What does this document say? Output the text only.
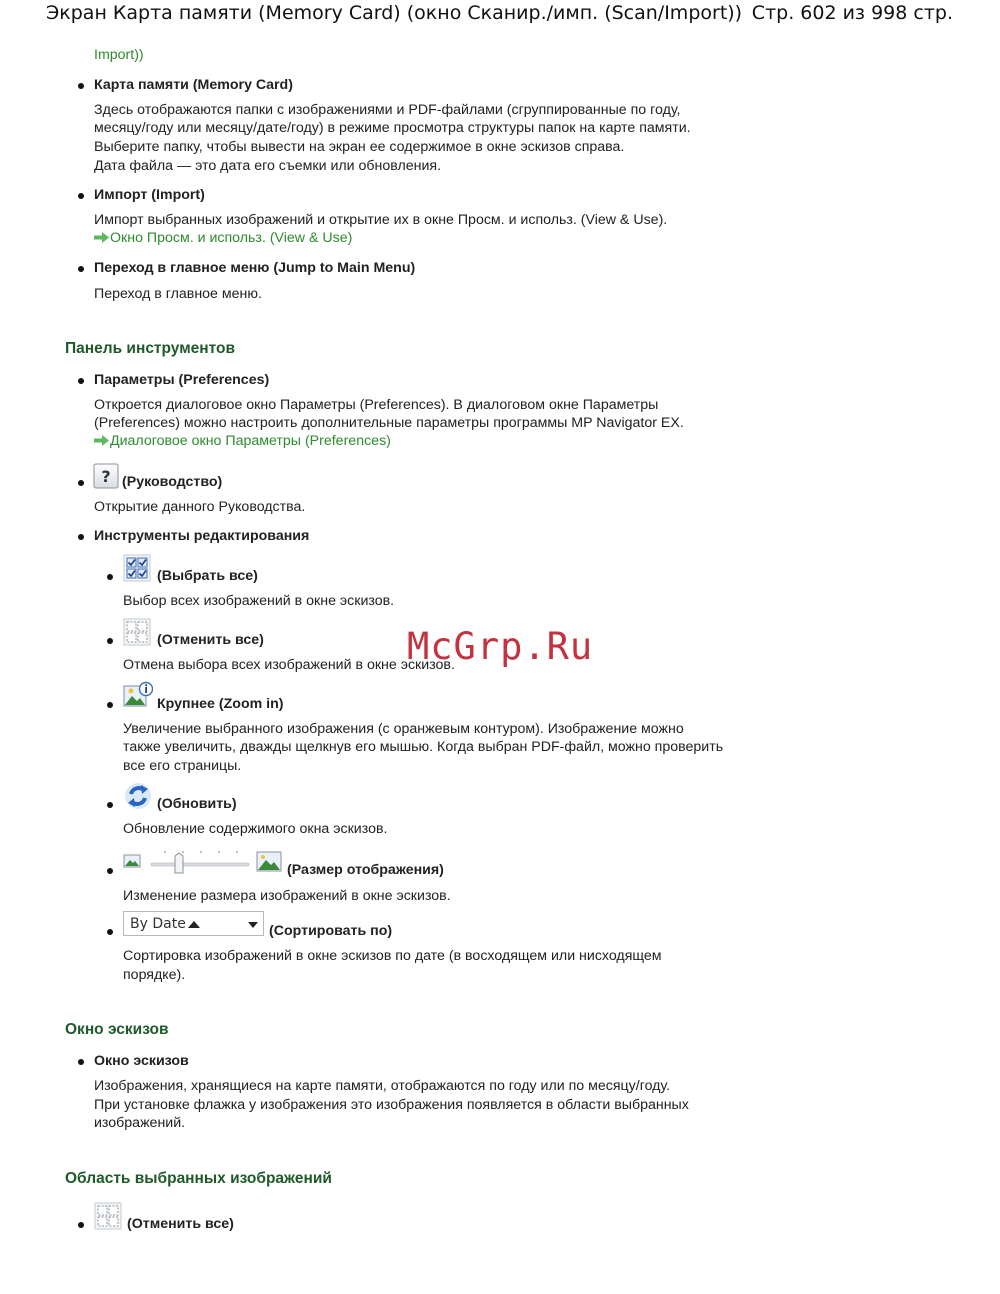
Экран Карта памяти (Memory Card) (окно Сканир./имп. (Scan/Import)) Стр. 602 из 998 стр.
Import))
Карта памяти (Memory Card)
Здесь отображаются папки с изображениями и PDF-файлами (сгруппированные по году,
месяцу/году или месяцу/дате/году) в режиме просмотра структуры папок на карте памяти.
Выберите папку, чтобы вывести на экран ее содержимое в окне эскизов справа.
Дата файла — это дата его съемки или обновления.
Импорт (Import)
Импорт выбранных изображений и открытие их в окне Просм. и использ. (View & Use).
Окно Просм. и использ. (View & Use)
Переход в главное меню (Jump to Main Menu)
Переход в главное меню.
Панель инструментов
Параметры (Preferences)
Откроется диалоговое окно Параметры (Preferences). В диалоговом окне Параметры
(Preferences) можно настроить дополнительные параметры программы MP Navigator EX.
Диалоговое окно Параметры (Preferences)
? (Руководство)
Открытие данного Руководства.
Инструменты редактирования
(Выбрать все)
Выбор всех изображений в окне эскизов.
(Отменить все)
Отмена выбора всех изображений в окне эскизов.
Крупнее (Zoom in)
Увеличение выбранного изображения (с оранжевым контуром). Изображение можно
также увеличить, дважды щелкнув его мышью. Когда выбран PDF-файл, можно проверить
все его страницы.
(Обновить)
Обновление содержимого окна эскизов.
(Размер отображения)
Изменение размера изображений в окне эскизов.
By Date	(Сортировать по)
Сортировка изображений в окне эскизов по дате (в восходящем или нисходящем
порядке).
Окно эскизов
Окно эскизов
Изображения, хранящиеся на карте памяти, отображаются по году или по месяцу/году.
При установке флажка у изображения это изображения появляется в области выбранных
изображений.
Область выбранных изображений
(Отменить все)
McGrp.Ru
